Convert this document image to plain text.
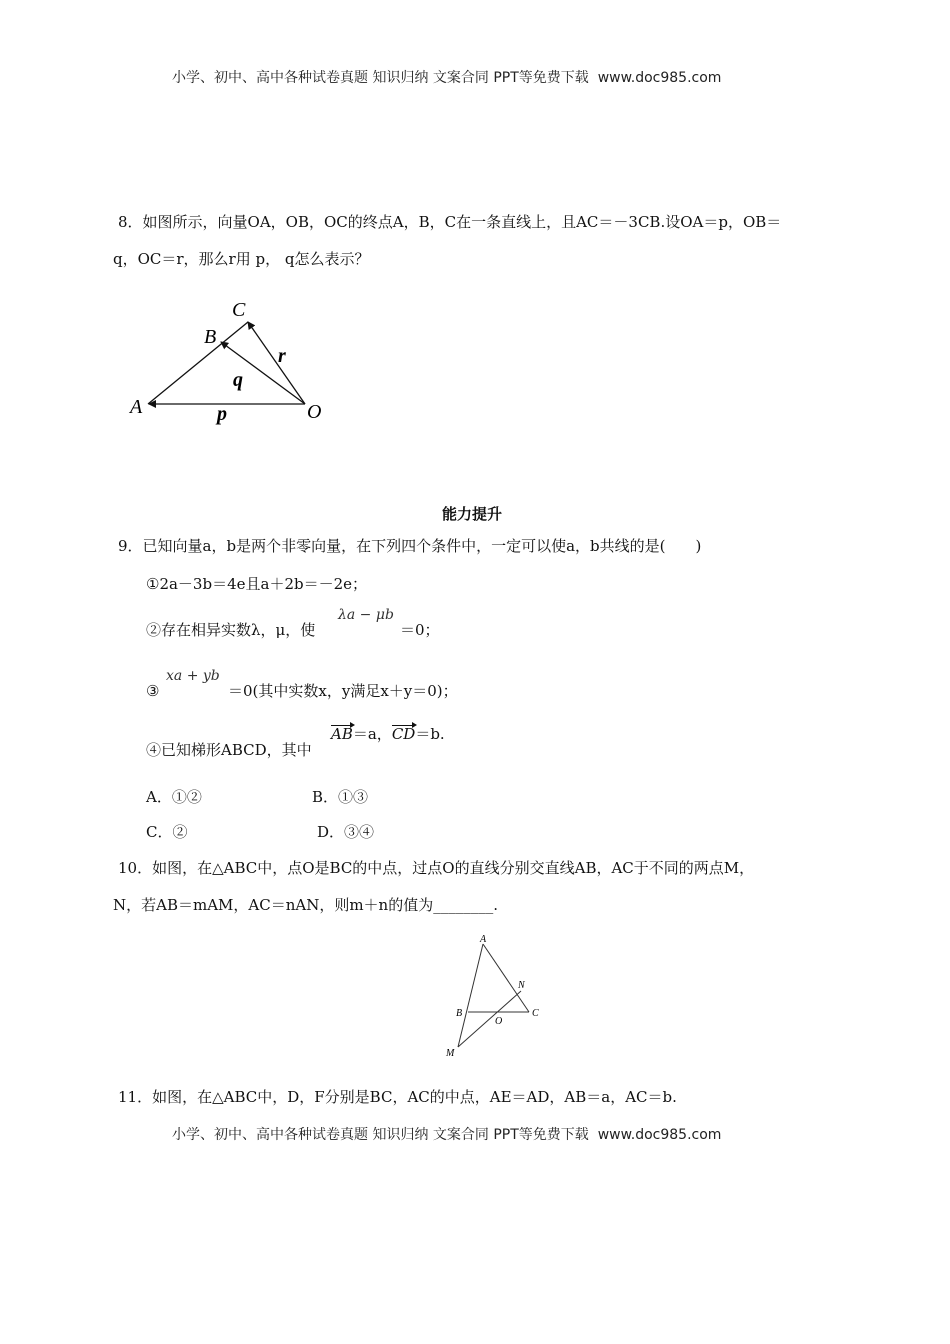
小学、初中、高中各种试卷真题 知识归纳 文案合同 PPT等免费下载 www.doc985.com
8．如图所示，向量OA，OB，OC的终点A，B，C在一条直线上，且AC＝－3CB.设OA＝p，OB＝
q，OC＝r，那么r用 p， q怎么表示？
C
B
A	O
r
q
p
能力提升
9．已知向量a，b是两个非零向量，在下列四个条件中，一定可以使a，b共线的是(　　)
①2a－3b＝4e且a＋2b＝－2e；
②存在相异实数λ，μ，使
λa − μb
＝0；
③
xa + yb
＝0(其中实数x，y满足x＋y＝0)；
④已知梯形ABCD，其中
AB＝a，CD＝b.
A．①②	B．①③
C．②	D．③④
10．如图，在△ABC中，点O是BC的中点，过点O的直线分别交直线AB，AC于不同的两点M，
N，若AB＝mAM，AC＝nAN，则m＋n的值为________.
A
N
B
O
C
M
11．如图，在△ABC中，D，F分别是BC，AC的中点，AE＝AD，AB＝a，AC＝b.
小学、初中、高中各种试卷真题 知识归纳 文案合同 PPT等免费下载 www.doc985.com
